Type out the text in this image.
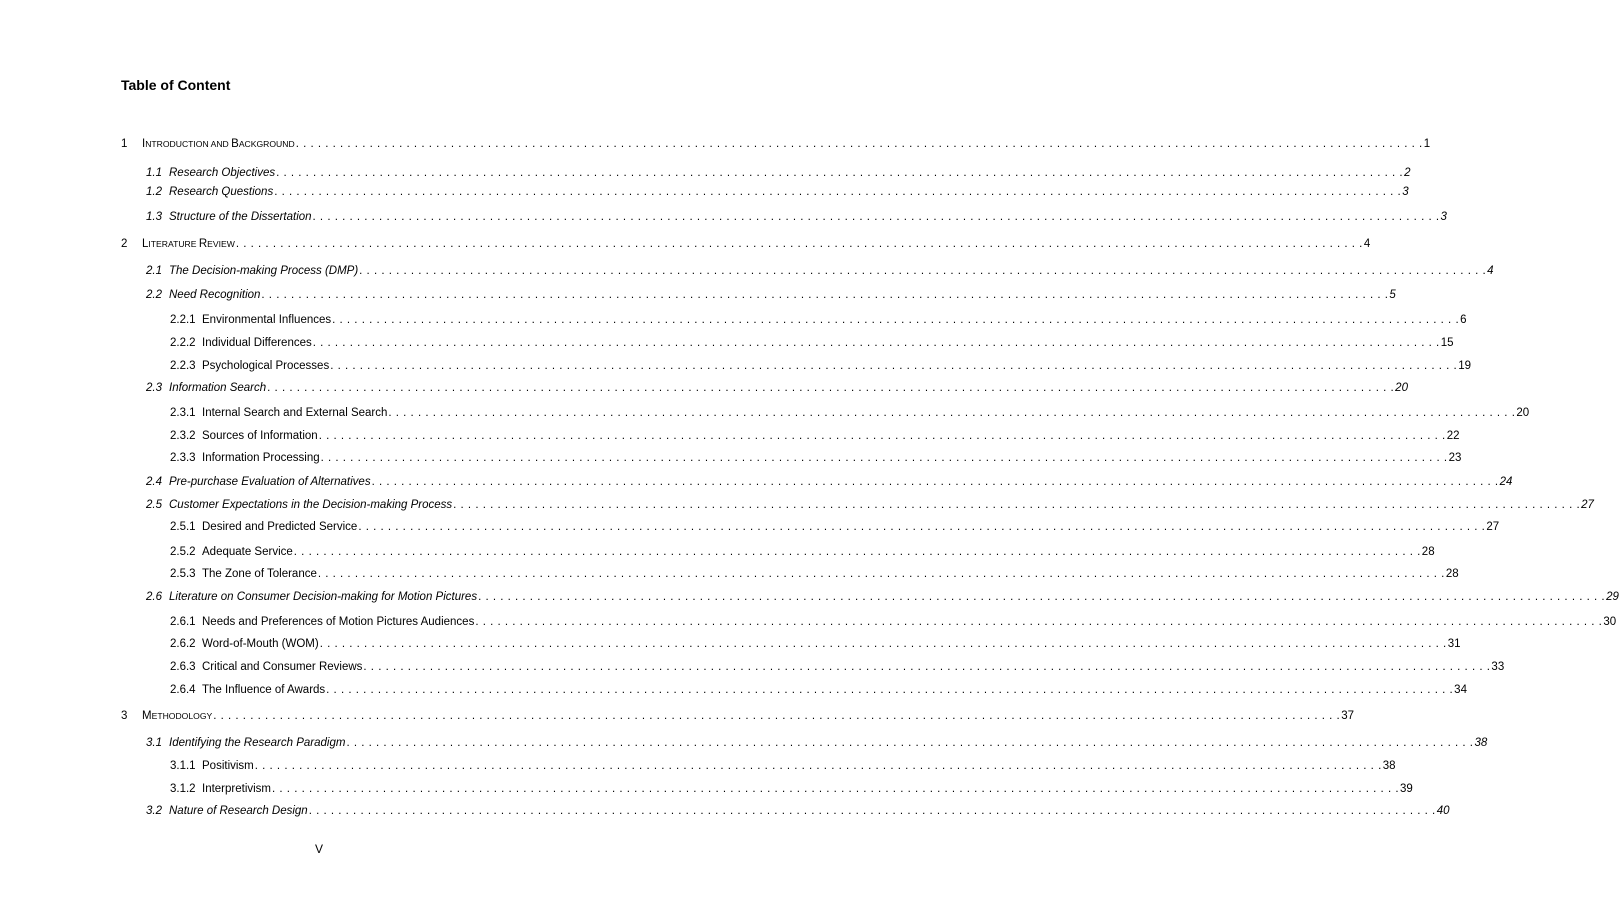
Table of Content
1 INTRODUCTION AND BACKGROUND . . . . . . . . . . . . . . . . . . . . . . . . . . . . . . . . . . . . . . . . . . . . . . . . . . . . . . . . . . . . . . . . . . . . . . . . . . . . . . . . . . . . . . . . . . . . . . . . . . . . . . . . . . . . . . . . . . . . . . . . . . . . . . . . . . . . . . . . . . . . . . . . . . . . . . . . . 1
1.1 Research Objectives . . . . . . . . . . . . . . . . . . . . . . . . . . . . . . . . . . . . . . . . . . . . . . . . . . . . . . . . . . . . . . . . . . . . . . . . . . . . . . . . . . . . . . . . . . . . . . . . . . . . . . . . . . . . . . . . . . . . . . . . . . . . . . . . . . . . . . . . . . . . . . . . . . . . . . . . . 2
1.2 Research Questions . . . . . . . . . . . . . . . . . . . . . . . . . . . . . . . . . . . . . . . . . . . . . . . . . . . . . . . . . . . . . . . . . . . . . . . . . . . . . . . . . . . . . . . . . . . . . . . . . . . . . . . . . . . . . . . . . . . . . . . . . . . . . . . . . . . . . . . . . . . . . . . . . . . . . . . . . 3
1.3 Structure of the Dissertation . . . . . . . . . . . . . . . . . . . . . . . . . . . . . . . . . . . . . . . . . . . . . . . . . . . . . . . . . . . . . . . . . . . . . . . . . . . . . . . . . . . . . . . . . . . . . . . . . . . . . . . . . . . . . . . . . . . . . . . . . . . . . . . . . . . . . . . . . . . . . . . . . . . . . . . . . 3
2 LITERATURE REVIEW . . . . . . . . . . . . . . . . . . . . . . . . . . . . . . . . . . . . . . . . . . . . . . . . . . . . . . . . . . . . . . . . . . . . . . . . . . . . . . . . . . . . . . . . . . . . . . . . . . . . . . . . . . . . . . . . . . . . . . . . . . . . . . . . . . . . . . . . . . . . . . . . . . . . . . . . . 4
2.1 The Decision-making Process (DMP) . . . . . . . . . . . . . . . . . . . . . . . . . . . . . . . . . . . . . . . . . . . . . . . . . . . . . . . . . . . . . . . . . . . . . . . . . . . . . . . . . . . . . . . . . . . . . . . . . . . . . . . . . . . . . . . . . . . . . . . . . . . . . . . . . . . . . . . . . . . . . . . . . . . . . . . . . 4
2.2 Need Recognition . . . . . . . . . . . . . . . . . . . . . . . . . . . . . . . . . . . . . . . . . . . . . . . . . . . . . . . . . . . . . . . . . . . . . . . . . . . . . . . . . . . . . . . . . . . . . . . . . . . . . . . . . . . . . . . . . . . . . . . . . . . . . . . . . . . . . . . . . . . . . . . . . . . . . . . . . 5
2.2.1 Environmental Influences . . . . . . . . . . . . . . . . . . . . . . . . . . . . . . . . . . . . . . . . . . . . . . . . . . . . . . . . . . . . . . . . . . . . . . . . . . . . . . . . . . . . . . . . . . . . . . . . . . . . . . . . . . . . . . . . . . . . . . . . . . . . . . . . . . . . . . . . . . . . . . . . . . . . . . . . . 6
2.2.2 Individual Differences . . . . . . . . . . . . . . . . . . . . . . . . . . . . . . . . . . . . . . . . . . . . . . . . . . . . . . . . . . . . . . . . . . . . . . . . . . . . . . . . . . . . . . . . . . . . . . . . . . . . . . . . . . . . . . . . . . . . . . . . . . . . . . . . . . . . . . . . . . . . . . . . . . . . . . . . . 15
2.2.3 Psychological Processes . . . . . . . . . . . . . . . . . . . . . . . . . . . . . . . . . . . . . . . . . . . . . . . . . . . . . . . . . . . . . . . . . . . . . . . . . . . . . . . . . . . . . . . . . . . . . . . . . . . . . . . . . . . . . . . . . . . . . . . . . . . . . . . . . . . . . . . . . . . . . . . . . . . . . . . . . 19
2.3 Information Search . . . . . . . . . . . . . . . . . . . . . . . . . . . . . . . . . . . . . . . . . . . . . . . . . . . . . . . . . . . . . . . . . . . . . . . . . . . . . . . . . . . . . . . . . . . . . . . . . . . . . . . . . . . . . . . . . . . . . . . . . . . . . . . . . . . . . . . . . . . . . . . . . . . . . . . . . 20
2.3.1 Internal Search and External Search . . . . . . . . . . . . . . . . . . . . . . . . . . . . . . . . . . . . . . . . . . . . . . . . . . . . . . . . . . . . . . . . . . . . . . . . . . . . . . . . . . . . . . . . . . . . . . . . . . . . . . . . . . . . . . . . . . . . . . . . . . . . . . . . . . . . . . . . . . . . . . . . . . . . . . . . . 20
2.3.2 Sources of Information . . . . . . . . . . . . . . . . . . . . . . . . . . . . . . . . . . . . . . . . . . . . . . . . . . . . . . . . . . . . . . . . . . . . . . . . . . . . . . . . . . . . . . . . . . . . . . . . . . . . . . . . . . . . . . . . . . . . . . . . . . . . . . . . . . . . . . . . . . . . . . . . . . . . . . . . . 22
2.3.3 Information Processing . . . . . . . . . . . . . . . . . . . . . . . . . . . . . . . . . . . . . . . . . . . . . . . . . . . . . . . . . . . . . . . . . . . . . . . . . . . . . . . . . . . . . . . . . . . . . . . . . . . . . . . . . . . . . . . . . . . . . . . . . . . . . . . . . . . . . . . . . . . . . . . . . . . . . . . . . 23
2.4 Pre-purchase Evaluation of Alternatives . . . . . . . . . . . . . . . . . . . . . . . . . . . . . . . . . . . . . . . . . . . . . . . . . . . . . . . . . . . . . . . . . . . . . . . . . . . . . . . . . . . . . . . . . . . . . . . . . . . . . . . . . . . . . . . . . . . . . . . . . . . . . . . . . . . . . . . . . . . . . . . . . . . . . . . . . 24
2.5 Customer Expectations in the Decision-making Process . . . . . . . . . . . . . . . . . . . . . . . . . . . . . . . . . . . . . . . . . . . . . . . . . . . . . . . . . . . . . . . . . . . . . . . . . . . . . . . . . . . . . . . . . . . . . . . . . . . . . . . . . . . . . . . . . . . . . . . . . . . . . . . . . . . . . . . . . . . . . . . . . . . . . . . . . 27
2.5.1 Desired and Predicted Service . . . . . . . . . . . . . . . . . . . . . . . . . . . . . . . . . . . . . . . . . . . . . . . . . . . . . . . . . . . . . . . . . . . . . . . . . . . . . . . . . . . . . . . . . . . . . . . . . . . . . . . . . . . . . . . . . . . . . . . . . . . . . . . . . . . . . . . . . . . . . . . . . . . . . . . . . 27
2.5.2 Adequate Service . . . . . . . . . . . . . . . . . . . . . . . . . . . . . . . . . . . . . . . . . . . . . . . . . . . . . . . . . . . . . . . . . . . . . . . . . . . . . . . . . . . . . . . . . . . . . . . . . . . . . . . . . . . . . . . . . . . . . . . . . . . . . . . . . . . . . . . . . . . . . . . . . . . . . . . . . 28
2.5.3 The Zone of Tolerance . . . . . . . . . . . . . . . . . . . . . . . . . . . . . . . . . . . . . . . . . . . . . . . . . . . . . . . . . . . . . . . . . . . . . . . . . . . . . . . . . . . . . . . . . . . . . . . . . . . . . . . . . . . . . . . . . . . . . . . . . . . . . . . . . . . . . . . . . . . . . . . . . . . . . . . . . 28
2.6 Literature on Consumer Decision-making for Motion Pictures . . . . . . . . . . . . . . . . . . . . . . . . . . . . . . . . . . . . . . . . . . . . . . . . . . . . . . . . . . . . . . . . . . . . . . . . . . . . . . . . . . . . . . . . . . . . . . . . . . . . . . . . . . . . . . . . . . . . . . . . . . . . . . . . . . . . . . . . . . . . . . . . . . . . . . . . . 29
2.6.1 Needs and Preferences of Motion Pictures Audiences . . . . . . . . . . . . . . . . . . . . . . . . . . . . . . . . . . . . . . . . . . . . . . . . . . . . . . . . . . . . . . . . . . . . . . . . . . . . . . . . . . . . . . . . . . . . . . . . . . . . . . . . . . . . . . . . . . . . . . . . . . . . . . . . . . . . . . . . . . . . . . . . . . . . . . . . . 30
2.6.2 Word-of-Mouth (WOM) . . . . . . . . . . . . . . . . . . . . . . . . . . . . . . . . . . . . . . . . . . . . . . . . . . . . . . . . . . . . . . . . . . . . . . . . . . . . . . . . . . . . . . . . . . . . . . . . . . . . . . . . . . . . . . . . . . . . . . . . . . . . . . . . . . . . . . . . . . . . . . . . . . . . . . . . . 31
2.6.3 Critical and Consumer Reviews . . . . . . . . . . . . . . . . . . . . . . . . . . . . . . . . . . . . . . . . . . . . . . . . . . . . . . . . . . . . . . . . . . . . . . . . . . . . . . . . . . . . . . . . . . . . . . . . . . . . . . . . . . . . . . . . . . . . . . . . . . . . . . . . . . . . . . . . . . . . . . . . . . . . . . . . . 33
2.6.4 The Influence of Awards . . . . . . . . . . . . . . . . . . . . . . . . . . . . . . . . . . . . . . . . . . . . . . . . . . . . . . . . . . . . . . . . . . . . . . . . . . . . . . . . . . . . . . . . . . . . . . . . . . . . . . . . . . . . . . . . . . . . . . . . . . . . . . . . . . . . . . . . . . . . . . . . . . . . . . . . . 34
3 METHODOLOGY . . . . . . . . . . . . . . . . . . . . . . . . . . . . . . . . . . . . . . . . . . . . . . . . . . . . . . . . . . . . . . . . . . . . . . . . . . . . . . . . . . . . . . . . . . . . . . . . . . . . . . . . . . . . . . . . . . . . . . . . . . . . . . . . . . . . . . . . . . . . . . . . . . . . . . . . . 37
3.1 Identifying the Research Paradigm . . . . . . . . . . . . . . . . . . . . . . . . . . . . . . . . . . . . . . . . . . . . . . . . . . . . . . . . . . . . . . . . . . . . . . . . . . . . . . . . . . . . . . . . . . . . . . . . . . . . . . . . . . . . . . . . . . . . . . . . . . . . . . . . . . . . . . . . . . . . . . . . . . . . . . . . . 38
3.1.1 Positivism . . . . . . . . . . . . . . . . . . . . . . . . . . . . . . . . . . . . . . . . . . . . . . . . . . . . . . . . . . . . . . . . . . . . . . . . . . . . . . . . . . . . . . . . . . . . . . . . . . . . . . . . . . . . . . . . . . . . . . . . . . . . . . . . . . . . . . . . . . . . . . . . . . . . . . . . . 38
3.1.2 Interpretivism . . . . . . . . . . . . . . . . . . . . . . . . . . . . . . . . . . . . . . . . . . . . . . . . . . . . . . . . . . . . . . . . . . . . . . . . . . . . . . . . . . . . . . . . . . . . . . . . . . . . . . . . . . . . . . . . . . . . . . . . . . . . . . . . . . . . . . . . . . . . . . . . . . . . . . . . . 39
3.2 Nature of Research Design . . . . . . . . . . . . . . . . . . . . . . . . . . . . . . . . . . . . . . . . . . . . . . . . . . . . . . . . . . . . . . . . . . . . . . . . . . . . . . . . . . . . . . . . . . . . . . . . . . . . . . . . . . . . . . . . . . . . . . . . . . . . . . . . . . . . . . . . . . . . . . . . . . . . . . . . . 40
V
